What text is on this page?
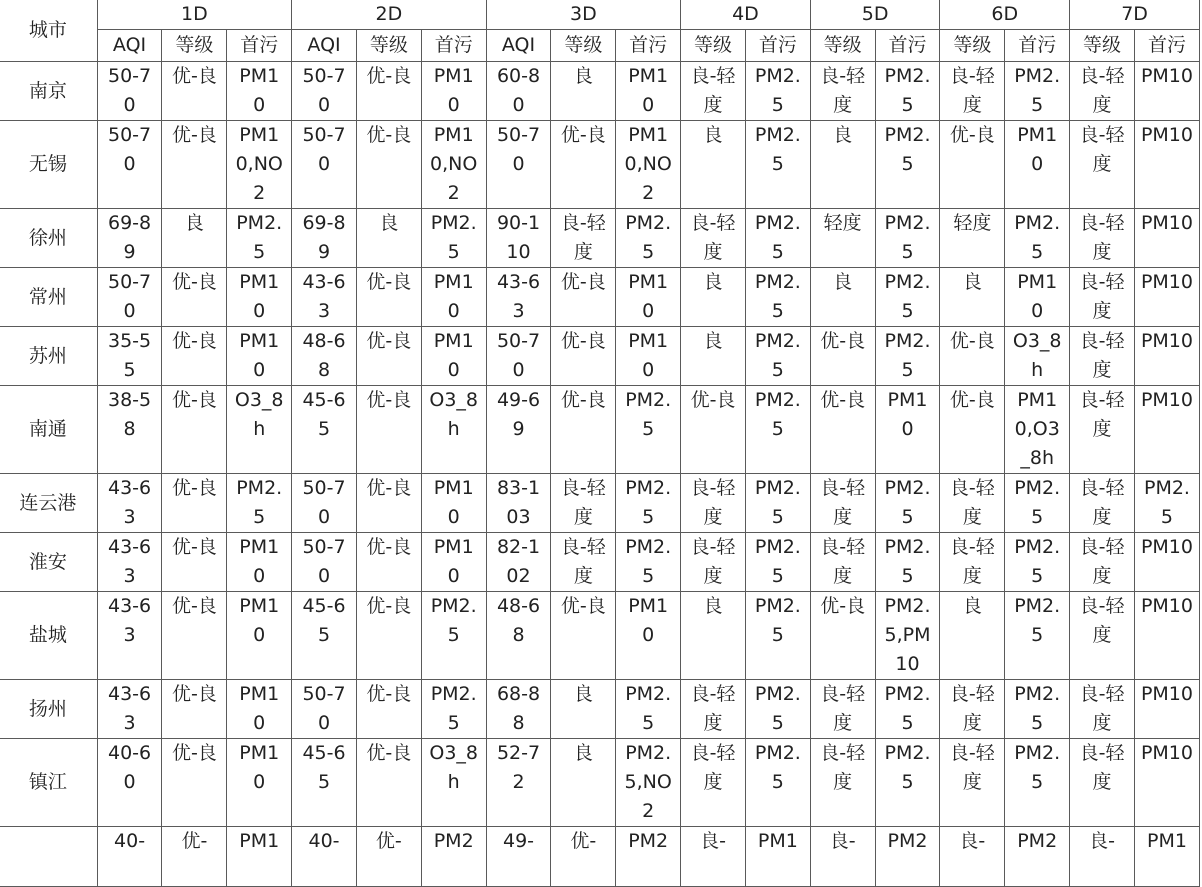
城市	1D			2D			3D			4D		5D		6D		7D	
	AQI	等级	首污	AQI	等级	首污	AQI	等级	首污	等级	首污	等级	首污	等级	首污	等级	首污
南京	50-70	优-良	PM10	50-70	优-良	PM10	60-80	良	PM10	良-轻度	PM2.5	良-轻度	PM2.5	良-轻度	PM2.5	良-轻度	PM10

无锡	50-70	优-良	PM10,NO2	50-70	优-良	PM10,NO2	50-70	优-良	PM10,NO2	良	PM2.5	良	PM2.5	优-良	PM10	良-轻度	PM10

徐州	69-89	良	PM2.5	69-89	良	PM2.5	90-110	良-轻度	PM2.5	良-轻度	PM2.5	轻度	PM2.5	轻度	PM2.5	良-轻度	PM10

常州	50-70	优-良	PM10	43-63	优-良	PM10	43-63	优-良	PM10	良	PM2.5	良	PM2.5	良	PM10	良-轻度	PM10

苏州	35-55	优-良	PM10	48-68	优-良	PM10	50-70	优-良	PM10	良	PM2.5	优-良	PM2.5	优-良	O3_8h	良-轻度	PM10

南通	38-58	优-良	O3_8h	45-65	优-良	O3_8h	49-69	优-良	PM2.5	优-良	PM2.5	优-良	PM10	优-良	PM10,O3_8h	良-轻度	PM10

连云港	43-63	优-良	PM2.5	50-70	优-良	PM10	83-103	良-轻度	PM2.5	良-轻度	PM2.5	良-轻度	PM2.5	良-轻度	PM2.5	良-轻度	PM2.5

淮安	43-63	优-良	PM10	50-70	优-良	PM10	82-102	良-轻度	PM2.5	良-轻度	PM2.5	良-轻度	PM2.5	良-轻度	PM2.5	良-轻度	PM10

盐城	43-63	优-良	PM10	45-65	优-良	PM2.5	48-68	优-良	PM10	良	PM2.5	优-良	PM2.5,PM10	良	PM2.5	良-轻度	PM10

扬州	43-63	优-良	PM10	50-70	优-良	PM2.5	68-88	良	PM2.5	良-轻度	PM2.5	良-轻度	PM2.5	良-轻度	PM2.5	良-轻度	PM10

镇江	40-60	优-良	PM10	45-65	优-良	O3_8h	52-72	良	PM2.5,NO2	良-轻度	PM2.5	良-轻度	PM2.5	良-轻度	PM2.5	良-轻度	PM10

	40-	优-	PM1	40-	优-	PM2	49-	优-	PM2	良-	PM1	良-	PM2	良-	PM2	良-	PM1
